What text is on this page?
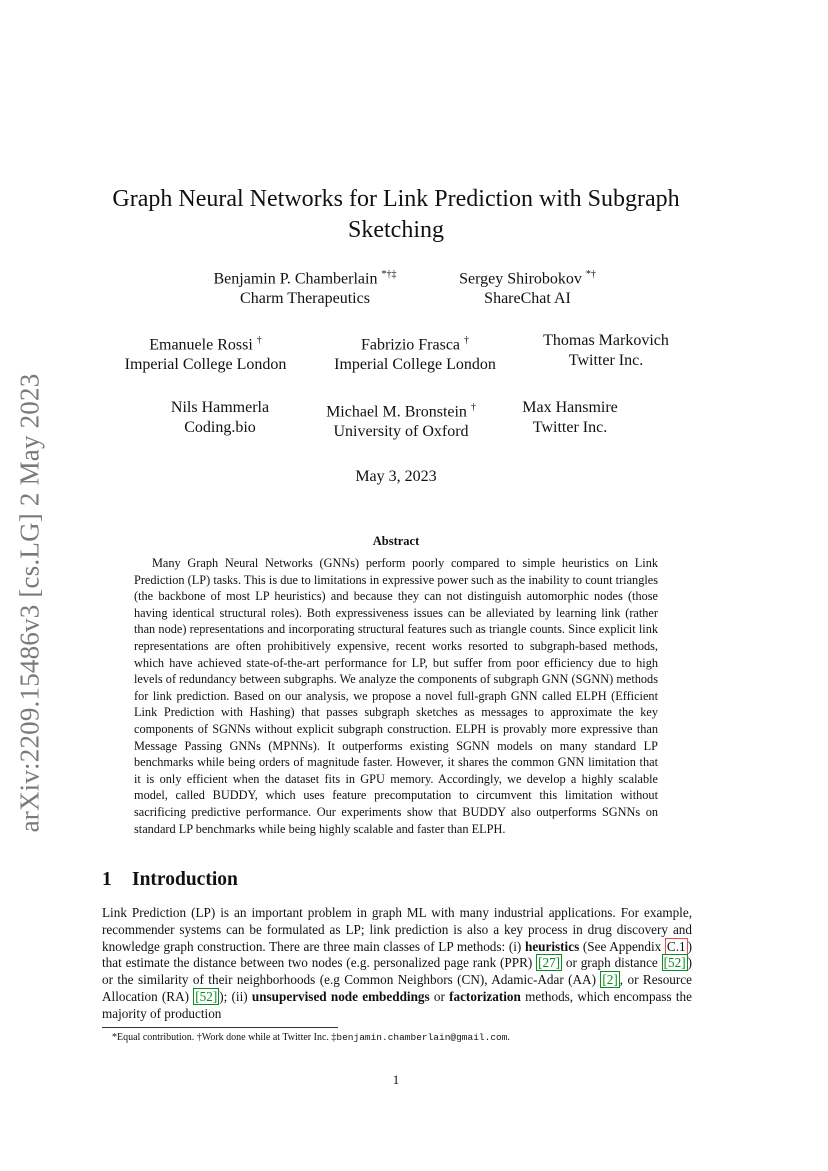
arXiv:2209.15486v3 [cs.LG] 2 May 2023
Graph Neural Networks for Link Prediction with Subgraph Sketching
Benjamin P. Chamberlain *†‡
Charm Therapeutics
Sergey Shirobokov *†
ShareChat AI
Emanuele Rossi †
Imperial College London
Fabrizio Frasca †
Imperial College London
Thomas Markovich
Twitter Inc.
Nils Hammerla
Coding.bio
Michael M. Bronstein †
University of Oxford
Max Hansmire
Twitter Inc.
May 3, 2023
Abstract
Many Graph Neural Networks (GNNs) perform poorly compared to simple heuristics on Link Prediction (LP) tasks. This is due to limitations in expressive power such as the inability to count triangles (the backbone of most LP heuristics) and because they can not distinguish automorphic nodes (those having identical structural roles). Both expressiveness issues can be alleviated by learning link (rather than node) representations and incorporating structural features such as triangle counts. Since explicit link representations are often prohibitively expensive, recent works resorted to subgraph-based methods, which have achieved state-of-the-art performance for LP, but suffer from poor efficiency due to high levels of redundancy between subgraphs. We analyze the components of subgraph GNN (SGNN) methods for link prediction. Based on our analysis, we propose a novel full-graph GNN called ELPH (Efficient Link Prediction with Hashing) that passes subgraph sketches as messages to approximate the key components of SGNNs without explicit subgraph construction. ELPH is provably more expressive than Message Passing GNNs (MPNNs). It outperforms existing SGNN models on many standard LP benchmarks while being orders of magnitude faster. However, it shares the common GNN limitation that it is only efficient when the dataset fits in GPU memory. Accordingly, we develop a highly scalable model, called BUDDY, which uses feature precomputation to circumvent this limitation without sacrificing predictive performance. Our experiments show that BUDDY also outperforms SGNNs on standard LP benchmarks while being highly scalable and faster than ELPH.
1 Introduction
Link Prediction (LP) is an important problem in graph ML with many industrial applications. For example, recommender systems can be formulated as LP; link prediction is also a key process in drug discovery and knowledge graph construction. There are three main classes of LP methods: (i) heuristics (See Appendix C.1 ) that estimate the distance between two nodes (e.g. personalized page rank (PPR) [27] or graph distance [52] ) or the similarity of their neighborhoods (e.g Common Neighbors (CN), Adamic-Adar (AA) [2] , or Resource Allocation (RA) [52] ); (ii) unsupervised node embeddings or factorization methods, which encompass the majority of production
*Equal contribution. †Work done while at Twitter Inc. ‡benjamin.chamberlain@gmail.com.
1
